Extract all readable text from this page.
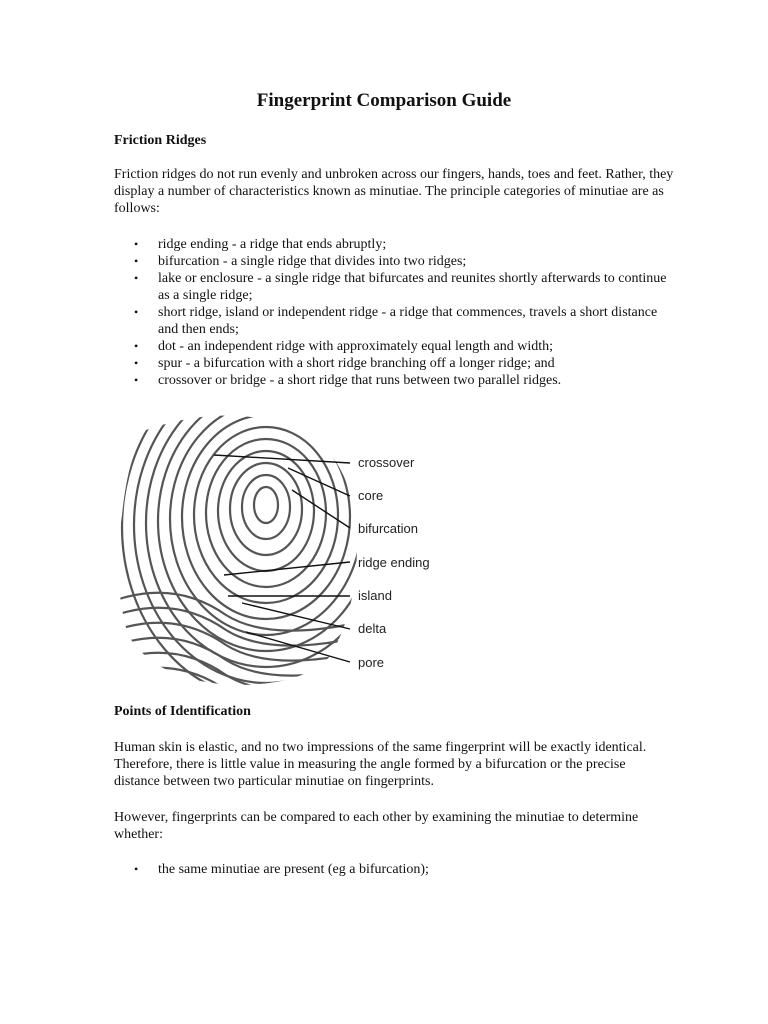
Fingerprint Comparison Guide
Friction Ridges

Friction ridges do not run evenly and unbroken across our fingers, hands, toes and feet. Rather, they display a number of characteristics known as minutiae. The principle categories of minutiae are as follows:

• ridge ending - a ridge that ends abruptly;
• bifurcation - a single ridge that divides into two ridges;
• lake or enclosure - a single ridge that bifurcates and reunites shortly afterwards to continue as a single ridge;
• short ridge, island or independent ridge - a ridge that commences, travels a short distance and then ends;
• dot - an independent ridge with approximately equal length and width;
• spur - a bifurcation with a short ridge branching off a longer ridge; and
• crossover or bridge - a short ridge that runs between two parallel ridges.
crossover
core
bifurcation
ridge ending
island
delta
pore
Points of Identification

Human skin is elastic, and no two impressions of the same fingerprint will be exactly identical. Therefore, there is little value in measuring the angle formed by a bifurcation or the precise distance between two particular minutiae on fingerprints.

However, fingerprints can be compared to each other by examining the minutiae to determine whether:

• the same minutiae are present (eg a bifurcation);
